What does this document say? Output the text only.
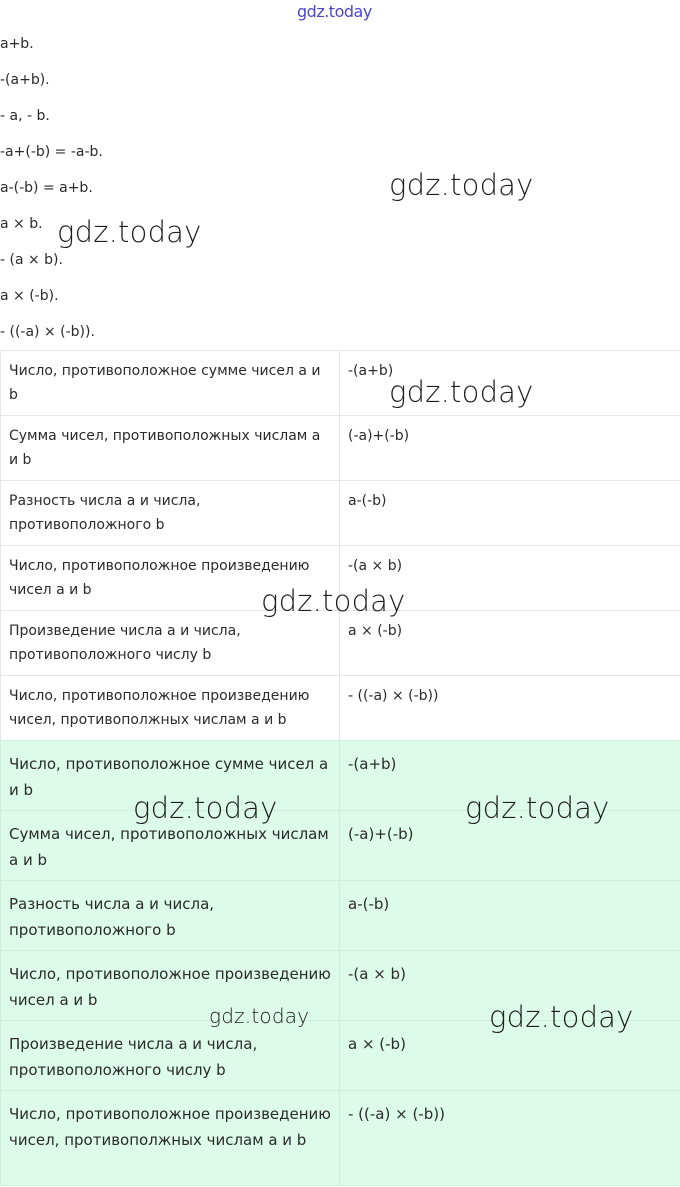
gdz.today
a+b.
-(a+b).
- a, - b.
-a+(-b) = -a-b.
a-(-b) = a+b.
a × b.
- (a × b).
a × (-b).
- ((-a) × (-b)).
Число, противоположное сумме чисел a и b	-(a+b)
Сумма чисел, противоположных числам a и b	(-a)+(-b)
Разность числа a и числа, противоположного b	a-(-b)
Число, противоположное произведению чисел a и b	-(a × b)
Произведение числа a и числа, противоположного числу b	a × (-b)
Число, противоположное произведению чисел, противополжных числам a и b	- ((-a) × (-b))
Число, противоположное сумме чисел a и b	-(a+b)
Сумма чисел, противоположных числам a и b	(-a)+(-b)
Разность числа a и числа, противоположного b	a-(-b)
Число, противоположное произведению чисел a и b	-(a × b)
Произведение числа a и числа, противоположного числу b	a × (-b)
Число, противоположное произведению чисел, противополжных числам a и b	- ((-a) × (-b))
gdz.today
gdz.today
gdz.today
gdz.today
gdz.today	gdz.today
gdz.today	gdz.today
